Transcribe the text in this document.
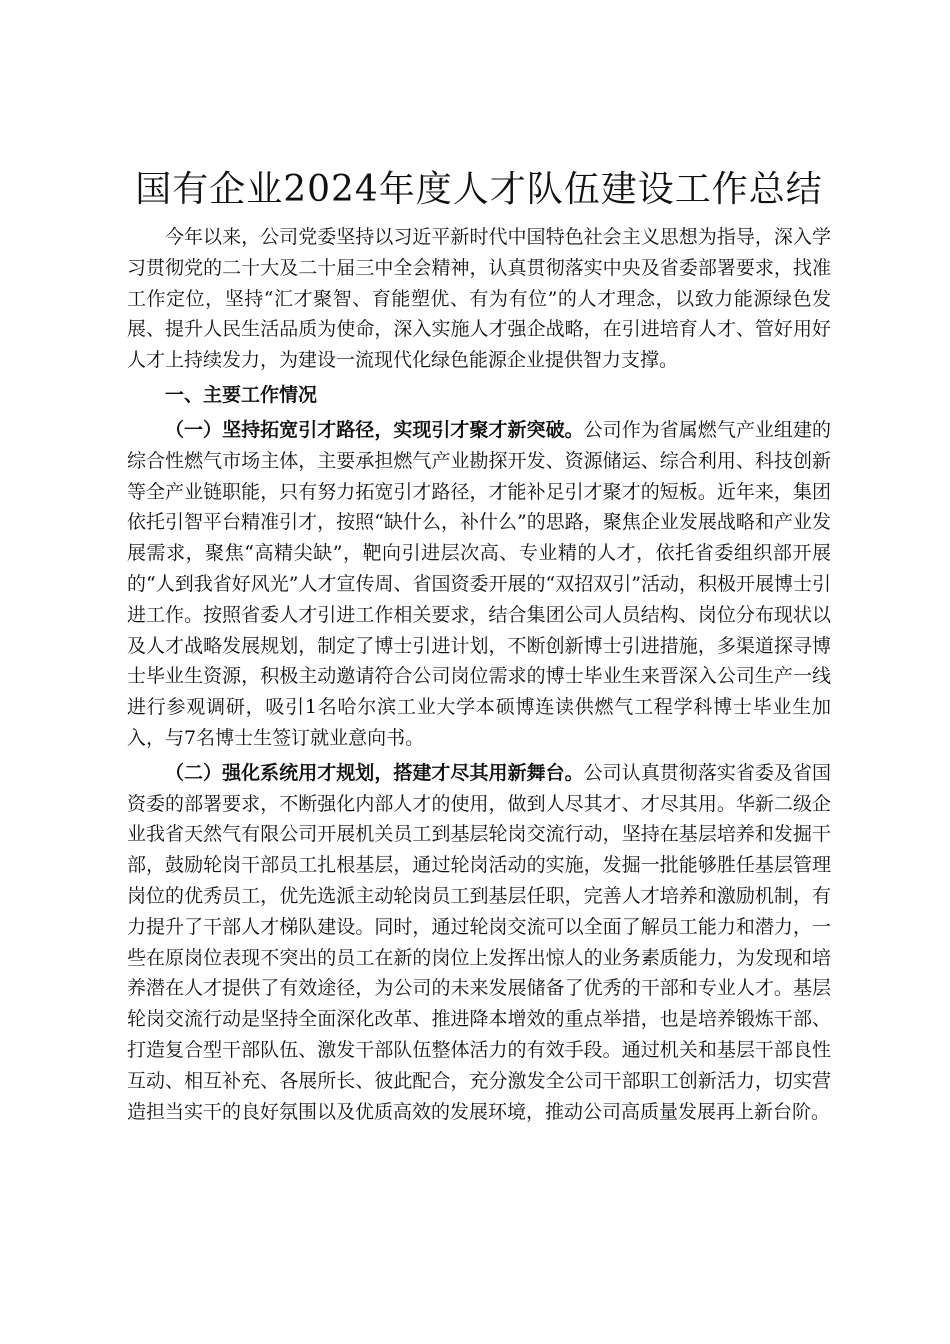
国有企业2024年度人才队伍建设工作总结

今年以来，公司党委坚持以习近平新时代中国特色社会主义思想为指导，深入学习贯彻党的二十大及二十届三中全会精神，认真贯彻落实中央及省委部署要求，找准工作定位，坚持“汇才聚智、育能塑优、有为有位”的人才理念，以致力能源绿色发展、提升人民生活品质为使命，深入实施人才强企战略，在引进培育人才、管好用好人才上持续发力，为建设一流现代化绿色能源企业提供智力支撑。

一、主要工作情况

（一）坚持拓宽引才路径，实现引才聚才新突破。公司作为省属燃气产业组建的综合性燃气市场主体，主要承担燃气产业勘探开发、资源储运、综合利用、科技创新等全产业链职能，只有努力拓宽引才路径，才能补足引才聚才的短板。近年来，集团依托引智平台精准引才，按照“缺什么，补什么”的思路，聚焦企业发展战略和产业发展需求，聚焦“高精尖缺”，靶向引进层次高、专业精的人才，依托省委组织部开展的“人到我省好风光”人才宣传周、省国资委开展的“双招双引”活动，积极开展博士引进工作。按照省委人才引进工作相关要求，结合集团公司人员结构、岗位分布现状以及人才战略发展规划，制定了博士引进计划，不断创新博士引进措施，多渠道探寻博士毕业生资源，积极主动邀请符合公司岗位需求的博士毕业生来晋深入公司生产一线进行参观调研，吸引1名哈尔滨工业大学本硕博连读供燃气工程学科博士毕业生加入，与7名博士生签订就业意向书。

（二）强化系统用才规划，搭建才尽其用新舞台。公司认真贯彻落实省委及省国资委的部署要求，不断强化内部人才的使用，做到人尽其才、才尽其用。华新二级企业我省天然气有限公司开展机关员工到基层轮岗交流行动，坚持在基层培养和发掘干部，鼓励轮岗干部员工扎根基层，通过轮岗活动的实施，发掘一批能够胜任基层管理岗位的优秀员工，优先选派主动轮岗员工到基层任职，完善人才培养和激励机制，有力提升了干部人才梯队建设。同时，通过轮岗交流可以全面了解员工能力和潜力，一些在原岗位表现不突出的员工在新的岗位上发挥出惊人的业务素质能力，为发现和培养潜在人才提供了有效途径，为公司的未来发展储备了优秀的干部和专业人才。基层轮岗交流行动是坚持全面深化改革、推进降本增效的重点举措，也是培养锻炼干部、打造复合型干部队伍、激发干部队伍整体活力的有效手段。通过机关和基层干部良性互动、相互补充、各展所长、彼此配合，充分激发全公司干部职工创新活力，切实营造担当实干的良好氛围以及优质高效的发展环境，推动公司高质量发展再上新台阶。
